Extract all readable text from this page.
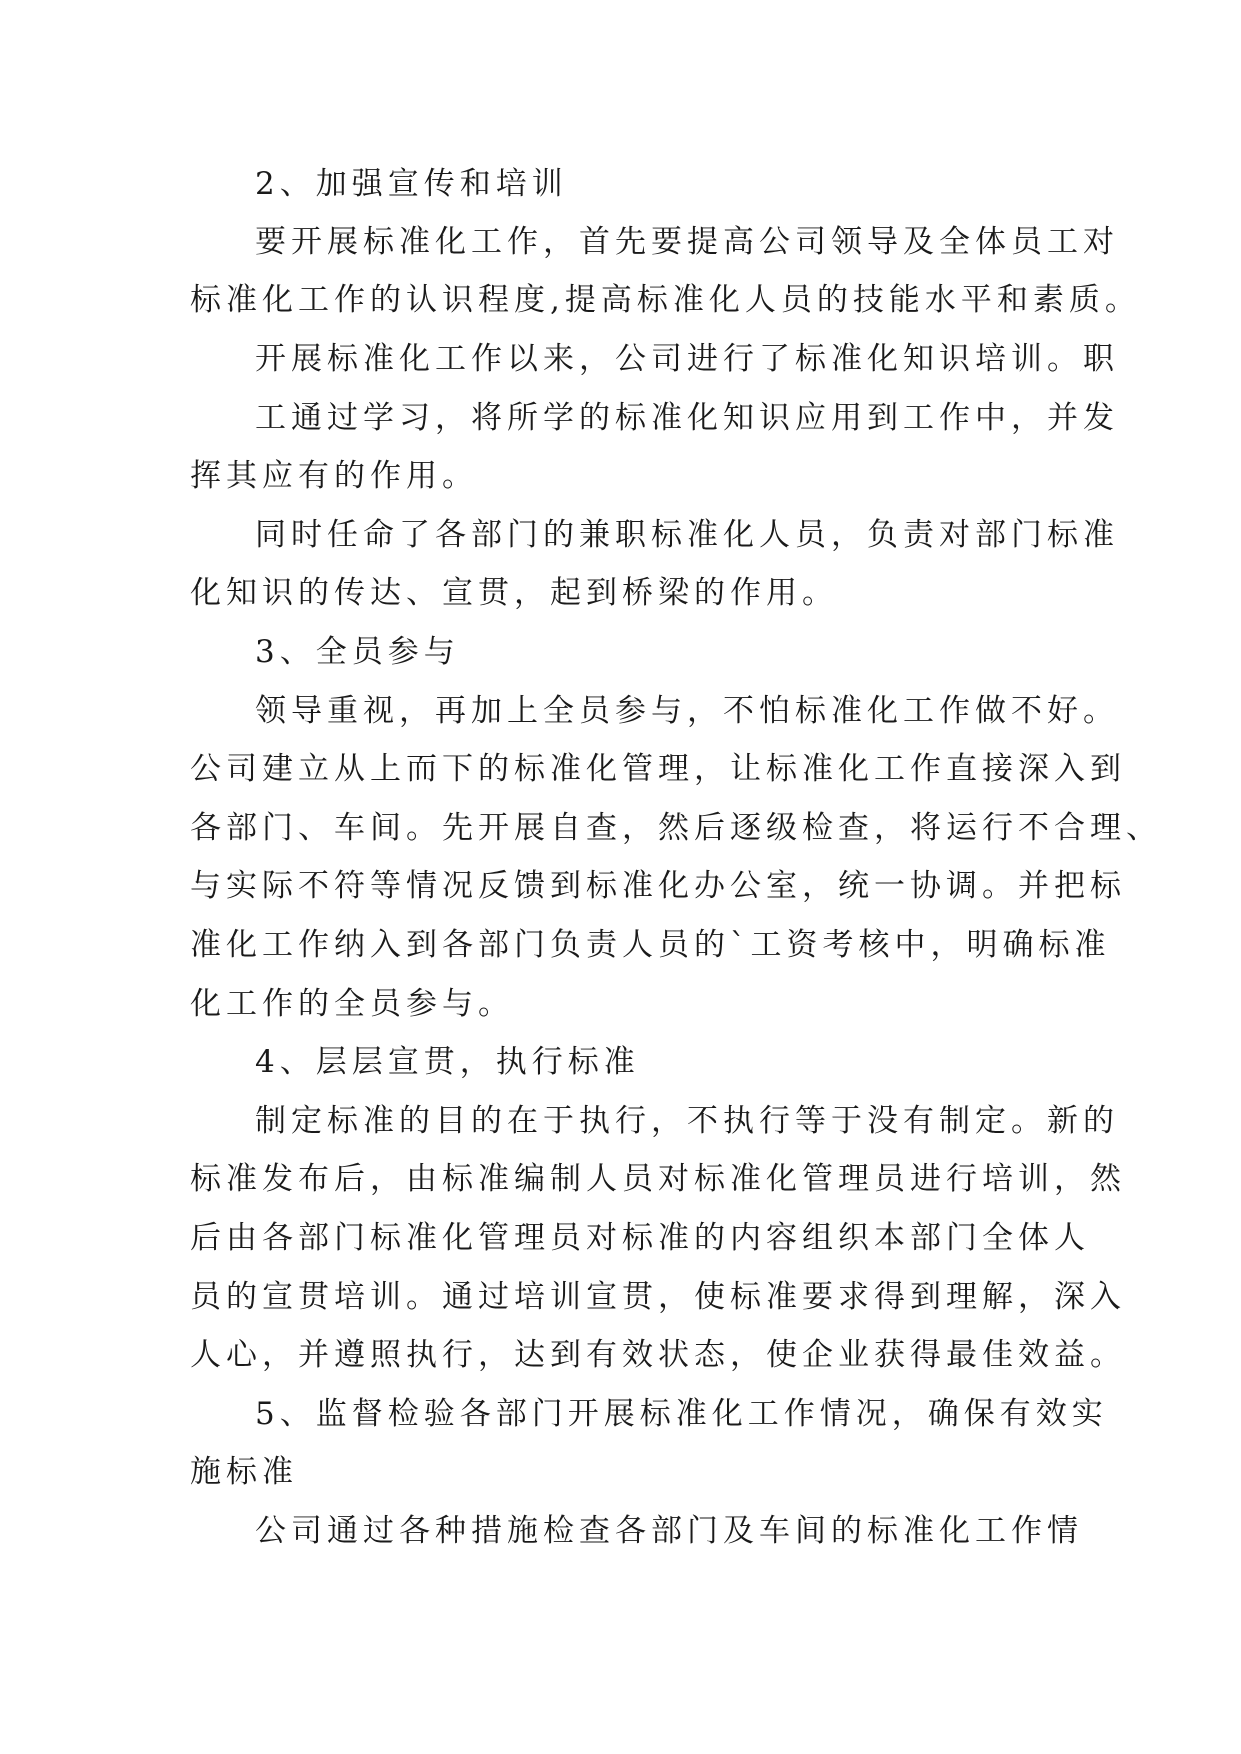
2、加强宣传和培训
要开展标准化工作，首先要提高公司领导及全体员工对
标准化工作的认识程度,提高标准化人员的技能水平和素质。
开展标准化工作以来，公司进行了标准化知识培训。职
工通过学习，将所学的标准化知识应用到工作中，并发
挥其应有的作用。
同时任命了各部门的兼职标准化人员，负责对部门标准
化知识的传达、宣贯，起到桥梁的作用。
3、全员参与
领导重视，再加上全员参与，不怕标准化工作做不好。
公司建立从上而下的标准化管理，让标准化工作直接深入到
各部门、车间。先开展自查，然后逐级检查，将运行不合理、
与实际不符等情况反馈到标准化办公室，统一协调。并把标
准化工作纳入到各部门负责人员的`工资考核中，明确标准
化工作的全员参与。
4、层层宣贯，执行标准
制定标准的目的在于执行，不执行等于没有制定。新的
标准发布后，由标准编制人员对标准化管理员进行培训，然
后由各部门标准化管理员对标准的内容组织本部门全体人
员的宣贯培训。通过培训宣贯，使标准要求得到理解，深入
人心，并遵照执行，达到有效状态，使企业获得最佳效益。
5、监督检验各部门开展标准化工作情况，确保有效实
施标准
公司通过各种措施检查各部门及车间的标准化工作情
